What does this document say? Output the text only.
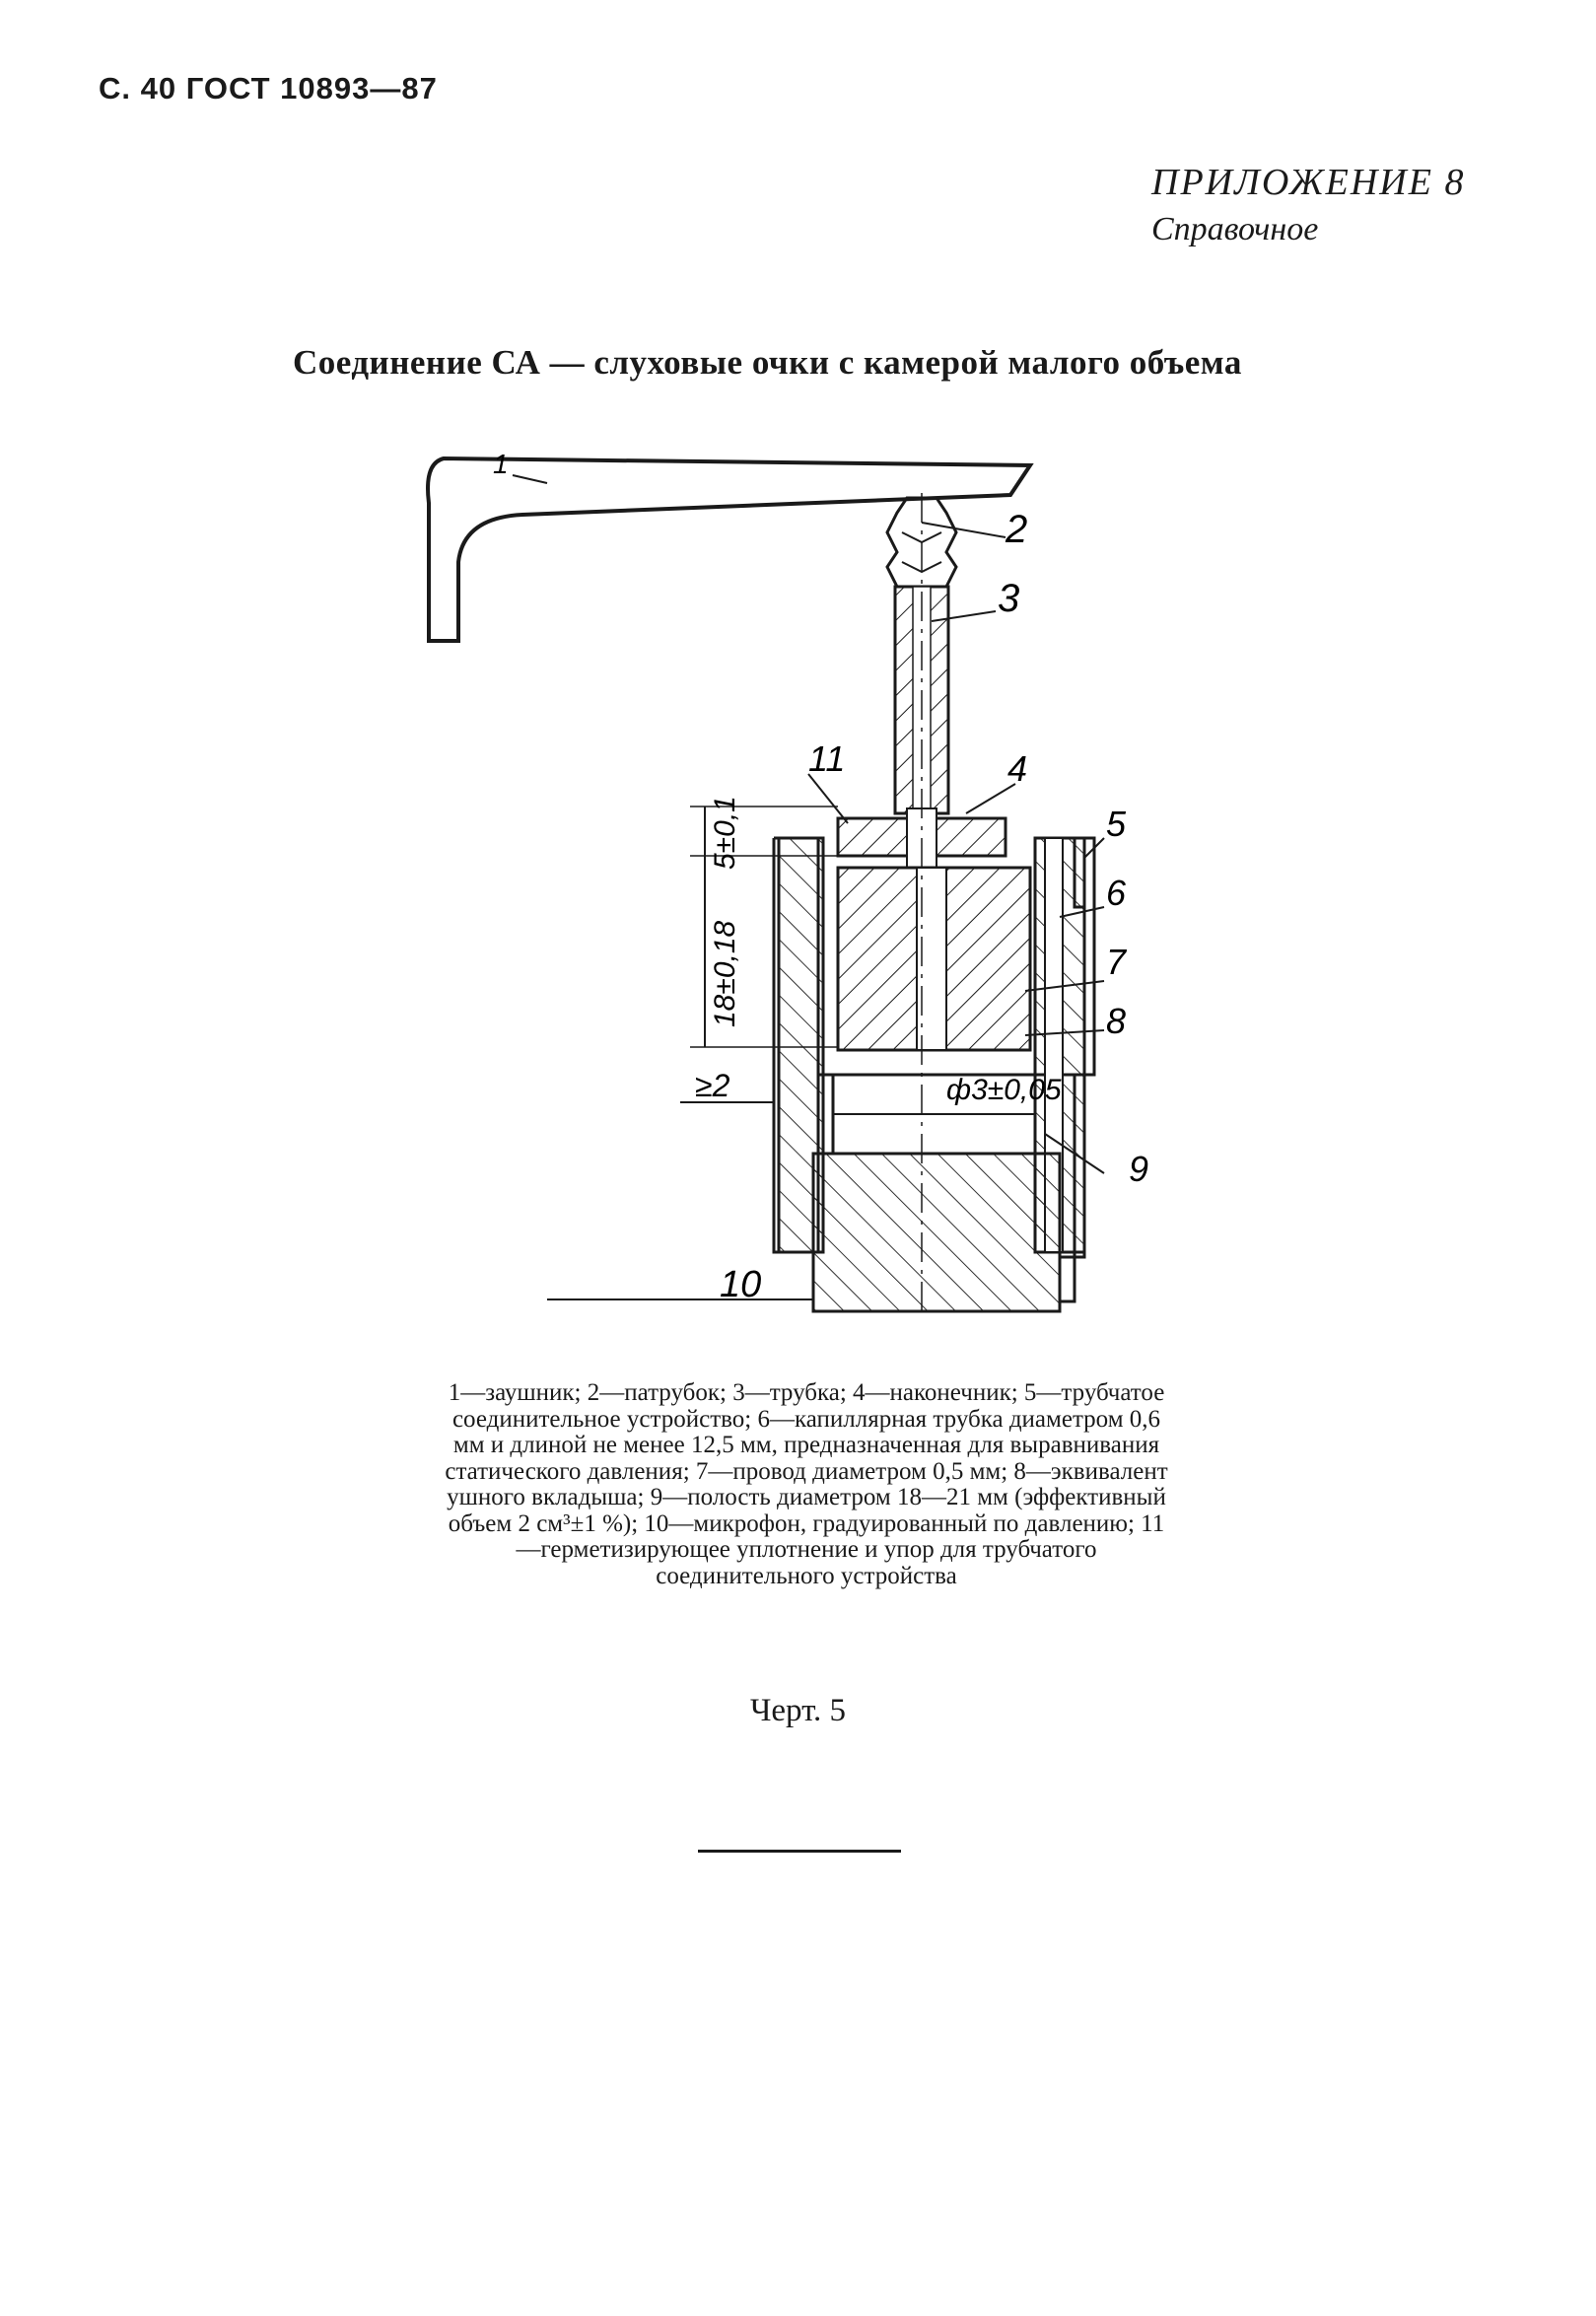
С. 40 ГОСТ 10893—87
ПРИЛОЖЕНИЕ 8
Справочное
Соединение СА — слуховые очки с камерой малого объема
1
2
3
4
5
6
7
8
9
10
11
5±0,1
18±0,18
≥2	ф3±0,05

1—заушник; 2—патрубок; 3—трубка; 4—наконечник; 5—трубчатое соединительное устройство; 6—капиллярная трубка диаметром 0,6 мм и длиной не менее 12,5 мм, предназначенная для выравнивания статического давления; 7—провод диаметром 0,5 мм; 8—эквивалент ушного вкладыша; 9—полость диаметром 18—21 мм (эффективный объем 2 см³±1 %); 10—микрофон, градуированный по давлению; 11—герметизирующее уплотнение и упор для трубчатого соединительного устройства

Черт. 5
